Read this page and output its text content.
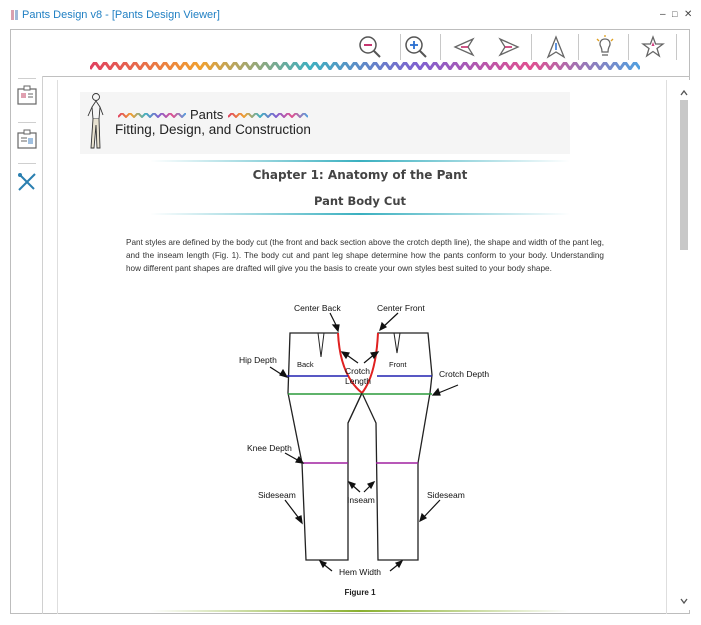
Pants Design v8 - [Pants Design Viewer]	– □ ✕
Pants
Fitting, Design, and Construction
Chapter 1: Anatomy of the Pant
Pant Body Cut
Pant styles are defined by the body cut (the front and back section above the crotch depth line), the shape and width of the pant leg, and the inseam length (Fig. 1). The body cut and pant leg shape determine how the pants conform to your body. Understanding how different pant shapes are drafted will give you the basis to create your own styles best suited to your body shape.
Center Back	Center Front
Hip Depth	Back	Front
Crotch
Length
Crotch Depth
Knee Depth
Sideseam	Inseam	Sideseam
Hem Width
Figure 1
